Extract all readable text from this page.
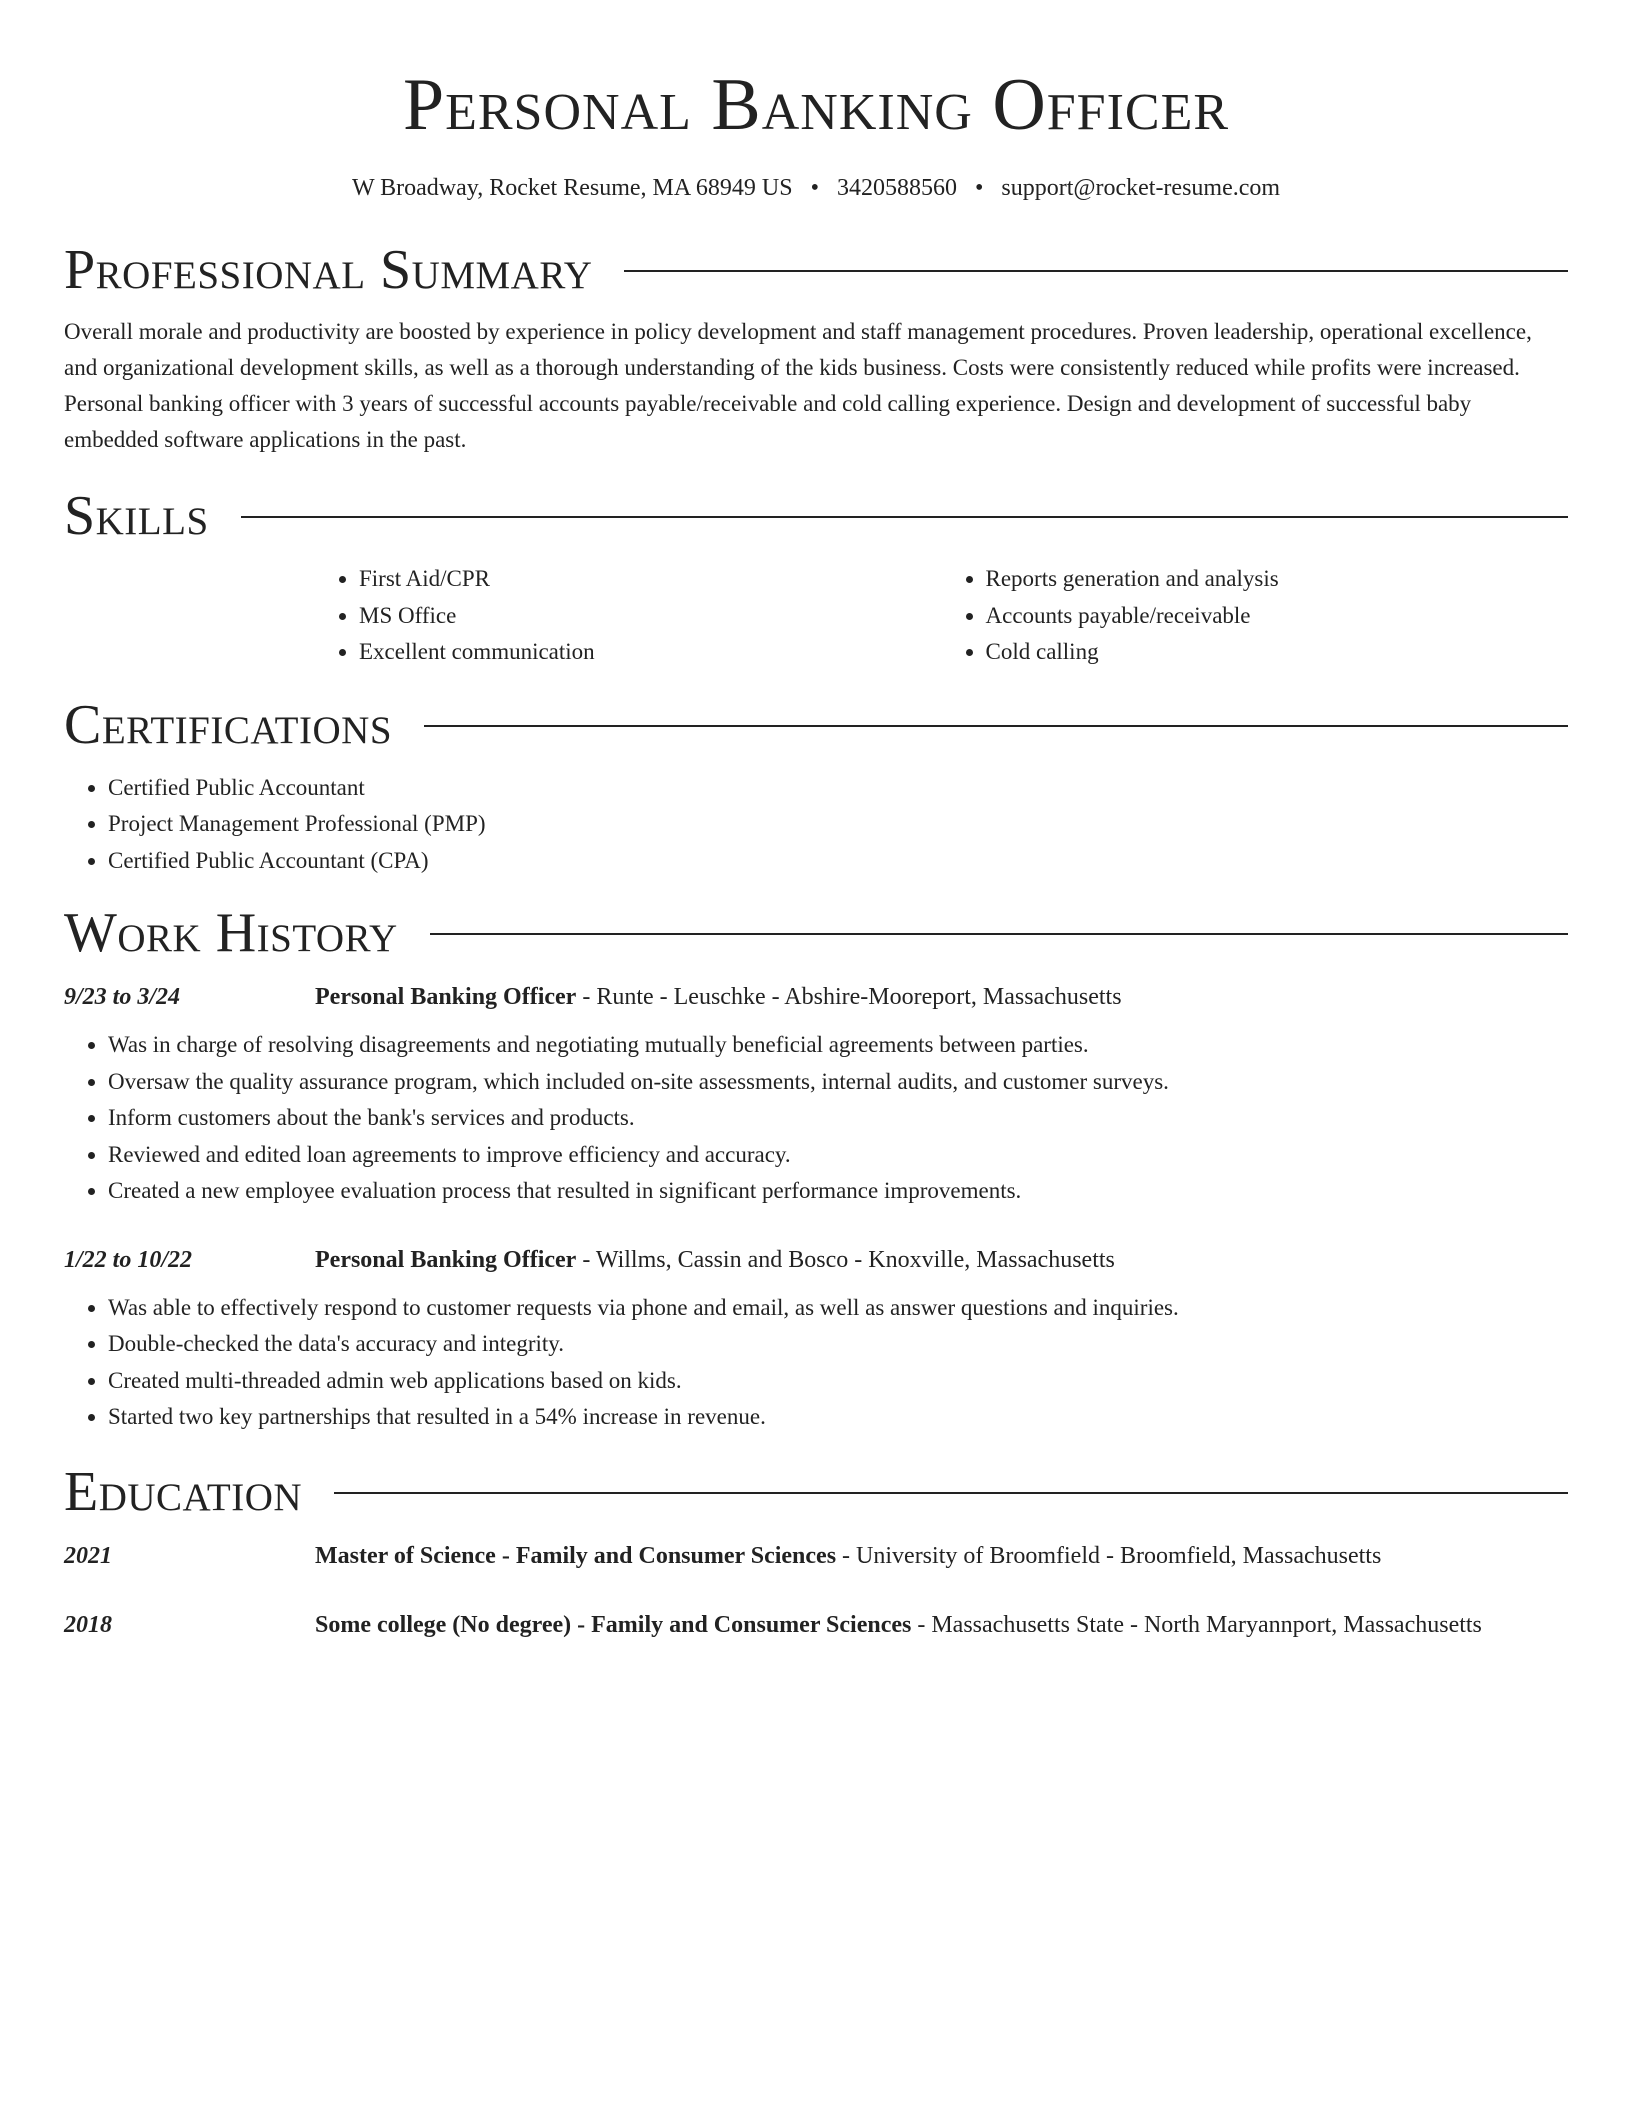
Personal Banking Officer
W Broadway, Rocket Resume, MA 68949 US • 3420588560 • support@rocket-resume.com
Professional Summary

Overall morale and productivity are boosted by experience in policy development and staff management procedures. Proven leadership, operational excellence, and organizational development skills, as well as a thorough understanding of the kids business. Costs were consistently reduced while profits were increased. Personal banking officer with 3 years of successful accounts payable/receivable and cold calling experience. Design and development of successful baby embedded software applications in the past.

Skills
• First Aid/CPR
• MS Office
• Excellent communication
• Reports generation and analysis
• Accounts payable/receivable
• Cold calling
Certifications
• Certified Public Accountant
• Project Management Professional (PMP)
• Certified Public Accountant (CPA)
Work History
9/23 to 3/24	Personal Banking Officer - Runte - Leuschke - Abshire-Mooreport, Massachusetts
• Was in charge of resolving disagreements and negotiating mutually beneficial agreements between parties.
• Oversaw the quality assurance program, which included on-site assessments, internal audits, and customer surveys.
• Inform customers about the bank's services and products.
• Reviewed and edited loan agreements to improve efficiency and accuracy.
• Created a new employee evaluation process that resulted in significant performance improvements.
1/22 to 10/22	Personal Banking Officer - Willms, Cassin and Bosco - Knoxville, Massachusetts
• Was able to effectively respond to customer requests via phone and email, as well as answer questions and inquiries.
• Double-checked the data's accuracy and integrity.
• Created multi-threaded admin web applications based on kids.
• Started two key partnerships that resulted in a 54% increase in revenue.
Education
2021	Master of Science - Family and Consumer Sciences - University of Broomfield - Broomfield, Massachusetts
2018	Some college (No degree) - Family and Consumer Sciences - Massachusetts State - North Maryannport, Massachusetts
